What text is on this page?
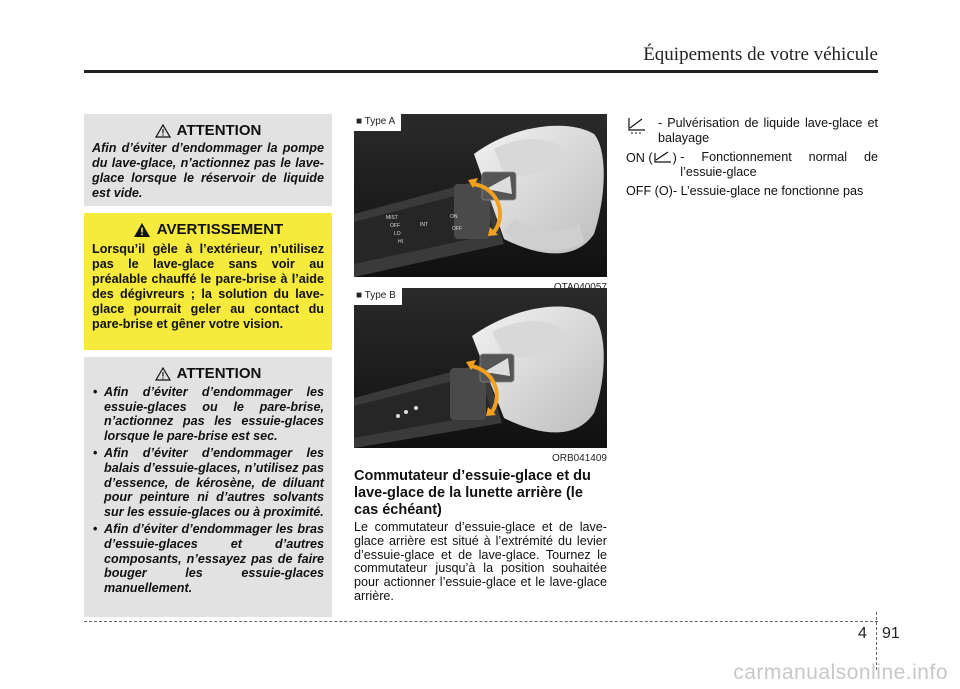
Équipements de votre véhicule
ATTENTION
Afin d’éviter d’endommager la pompe du lave-glace, n’actionnez pas le lave-glace lorsque le réservoir de liquide est vide.
AVERTISSEMENT
Lorsqu’il gèle à l’extérieur, n’utilisez pas le lave-glace sans voir au préalable chauffé le pare-brise à l’aide des dégivreurs ; la solution du lave-glace pourrait geler au contact du pare-brise et gêner votre vision.
ATTENTION
• Afin d’éviter d’endommager les essuie-glaces ou le pare-brise, n’actionnez pas les essuie-glaces lorsque le pare-brise est sec.
• Afin d’éviter d’endommager les balais d’essuie-glaces, n’utilisez pas d’essence, de kérosène, de diluant pour peinture ni d’autres solvants sur les essuie-glaces ou à proximité.
• Afin d’éviter d’endommager les bras d’essuie-glaces et d’autres composants, n’essayez pas de faire bouger les essuie-glaces manuellement.
MIST
OFF	INT
LO
HI
ON
OFF
■ Type A
■ Type B
ORB041409
Commutateur d’essuie-glace et du lave-glace de la lunette arrière (le cas échéant)
Le commutateur d’essuie-glace et de lave-glace arrière est situé à l’extrémité du levier d’essuie-glace et de lave-glace. Tournez le commutateur jusqu’à la position souhaitée pour actionner l’essuie-glace et le lave-glace arrière.
- Pulvérisation de liquide lave-glace et balayage
ON ( ) - Fonctionnement normal de l’essuie-glace
OFF (O) - L’essuie-glace ne fonctionne pas
4 91
carmanualsonline.info
